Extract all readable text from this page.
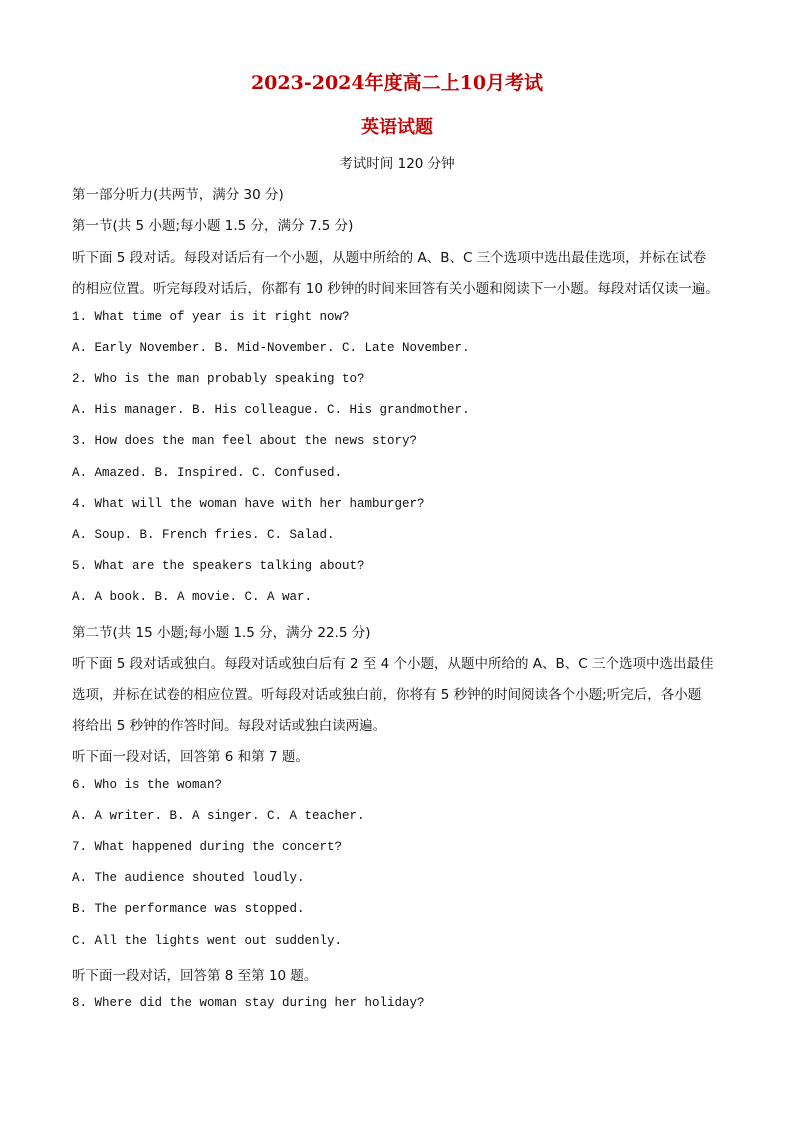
2023-2024年度高二上10月考试
英语试题
考试时间 120 分钟
第一部分听力(共两节，满分 30 分)
第一节(共 5 小题;每小题 1.5 分，满分 7.5 分)
听下面 5 段对话。每段对话后有一个小题，从题中所给的 A、B、C 三个选项中选出最佳选项，并标在试卷
的相应位置。听完每段对话后，你都有 10 秒钟的时间来回答有关小题和阅读下一小题。每段对话仅读一遍。
1. What time of year is it right now?
A. Early November. B. Mid-November. C. Late November.
2. Who is the man probably speaking to?
A. His manager. B. His colleague. C. His grandmother.
3. How does the man feel about the news story?
A. Amazed. B. Inspired. C. Confused.
4. What will the woman have with her hamburger?
A. Soup. B. French fries. C. Salad.
5. What are the speakers talking about?
A. A book. B. A movie. C. A war.
第二节(共 15 小题;每小题 1.5 分，满分 22.5 分)
听下面 5 段对话或独白。每段对话或独白后有 2 至 4 个小题，从题中所给的 A、B、C 三个选项中选出最佳
选项，并标在试卷的相应位置。听每段对话或独白前，你将有 5 秒钟的时间阅读各个小题;听完后，各小题
将给出 5 秒钟的作答时间。每段对话或独白读两遍。
听下面一段对话，回答第 6 和第 7 题。
6. Who is the woman?
A. A writer. B. A singer. C. A teacher.
7. What happened during the concert?
A. The audience shouted loudly.
B. The performance was stopped.
C. All the lights went out suddenly.
听下面一段对话，回答第 8 至第 10 题。
8. Where did the woman stay during her holiday?
